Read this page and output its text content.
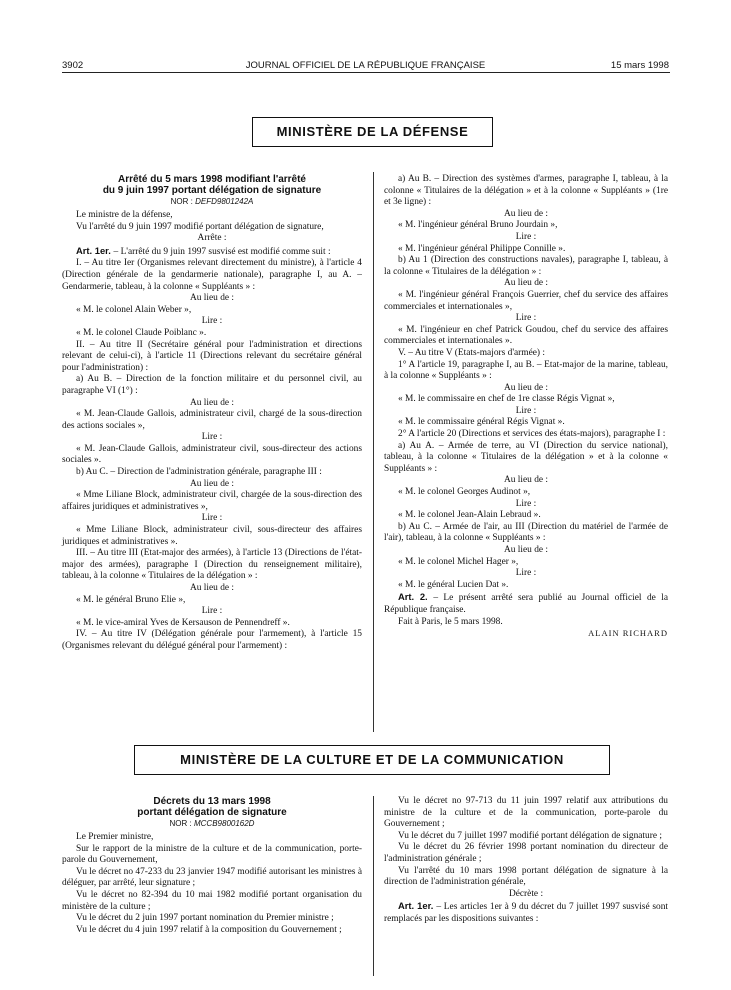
3902	JOURNAL OFFICIEL DE LA RÉPUBLIQUE FRANÇAISE	15 mars 1998
MINISTÈRE DE LA DÉFENSE
Arrêté du 5 mars 1998 modifiant l'arrêté
du 9 juin 1997 portant délégation de signature
NOR : DEFD9801242A

Le ministre de la défense,

Vu l'arrêté du 9 juin 1997 modifié portant délégation de signature,

Arrête :

Art. 1er. – L'arrêté du 9 juin 1997 susvisé est modifié comme suit :

I. – Au titre Ier (Organismes relevant directement du ministre), à l'article 4 (Direction générale de la gendarmerie nationale), paragraphe I, au A. – Gendarmerie, tableau, à la colonne « Suppléants » :

Au lieu de :

« M. le colonel Alain Weber »,

Lire :

« M. le colonel Claude Poiblanc ».

II. – Au titre II (Secrétaire général pour l'administration et directions relevant de celui-ci), à l'article 11 (Directions relevant du secrétaire général pour l'administration) :

a) Au B. – Direction de la fonction militaire et du personnel civil, au paragraphe VI (1°) :

Au lieu de :

« M. Jean-Claude Gallois, administrateur civil, chargé de la sous-direction des actions sociales »,

Lire :

« M. Jean-Claude Gallois, administrateur civil, sous-directeur des actions sociales ».

b) Au C. – Direction de l'administration générale, paragraphe III :

Au lieu de :

« Mme Liliane Block, administrateur civil, chargée de la sous-direction des affaires juridiques et administratives »,

Lire :

« Mme Liliane Block, administrateur civil, sous-directeur des affaires juridiques et administratives ».

III. – Au titre III (Etat-major des armées), à l'article 13 (Directions de l'état-major des armées), paragraphe I (Direction du renseignement militaire), tableau, à la colonne « Titulaires de la délégation » :

Au lieu de :

« M. le général Bruno Elie »,

Lire :

« M. le vice-amiral Yves de Kersauson de Pennendreff ».

IV. – Au titre IV (Délégation générale pour l'armement), à l'article 15 (Organismes relevant du délégué général pour l'armement) :

a) Au B. – Direction des systèmes d'armes, paragraphe I, tableau, à la colonne « Titulaires de la délégation » et à la colonne « Suppléants » (1re et 3e ligne) :

Au lieu de :

« M. l'ingénieur général Bruno Jourdain »,

Lire :

« M. l'ingénieur général Philippe Connille ».

b) Au 1 (Direction des constructions navales), paragraphe I, tableau, à la colonne « Titulaires de la délégation » :

Au lieu de :

« M. l'ingénieur général François Guerrier, chef du service des affaires commerciales et internationales »,

Lire :

« M. l'ingénieur en chef Patrick Goudou, chef du service des affaires commerciales et internationales ».

V. – Au titre V (Etats-majors d'armée) :

1° A l'article 19, paragraphe I, au B. – Etat-major de la marine, tableau, à la colonne « Suppléants » :

Au lieu de :

« M. le commissaire en chef de 1re classe Régis Vignat »,

Lire :

« M. le commissaire général Régis Vignat ».

2° A l'article 20 (Directions et services des états-majors), paragraphe I :

a) Au A. – Armée de terre, au VI (Direction du service national), tableau, à la colonne « Titulaires de la délégation » et à la colonne « Suppléants » :

Au lieu de :

« M. le colonel Georges Audinot »,

Lire :

« M. le colonel Jean-Alain Lebraud ».

b) Au C. – Armée de l'air, au III (Direction du matériel de l'armée de l'air), tableau, à la colonne « Suppléants » :

Au lieu de :

« M. le colonel Michel Hager »,

Lire :

« M. le général Lucien Dat ».

Art. 2. – Le présent arrêté sera publié au Journal officiel de la République française.

Fait à Paris, le 5 mars 1998.

ALAIN RICHARD
MINISTÈRE DE LA CULTURE ET DE LA COMMUNICATION
Décrets du 13 mars 1998
portant délégation de signature
NOR : MCCB9800162D

Le Premier ministre,

Sur le rapport de la ministre de la culture et de la communication, porte-parole du Gouvernement,

Vu le décret no 47-233 du 23 janvier 1947 modifié autorisant les ministres à déléguer, par arrêté, leur signature ;

Vu le décret no 82-394 du 10 mai 1982 modifié portant organisation du ministère de la culture ;

Vu le décret du 2 juin 1997 portant nomination du Premier ministre ;

Vu le décret du 4 juin 1997 relatif à la composition du Gouvernement ;

Vu le décret no 97-713 du 11 juin 1997 relatif aux attributions du ministre de la culture et de la communication, porte-parole du Gouvernement ;

Vu le décret du 7 juillet 1997 modifié portant délégation de signature ;

Vu le décret du 26 février 1998 portant nomination du directeur de l'administration générale ;

Vu l'arrêté du 10 mars 1998 portant délégation de signature à la direction de l'administration générale,

Décrète :

Art. 1er. – Les articles 1er à 9 du décret du 7 juillet 1997 susvisé sont remplacés par les dispositions suivantes :
